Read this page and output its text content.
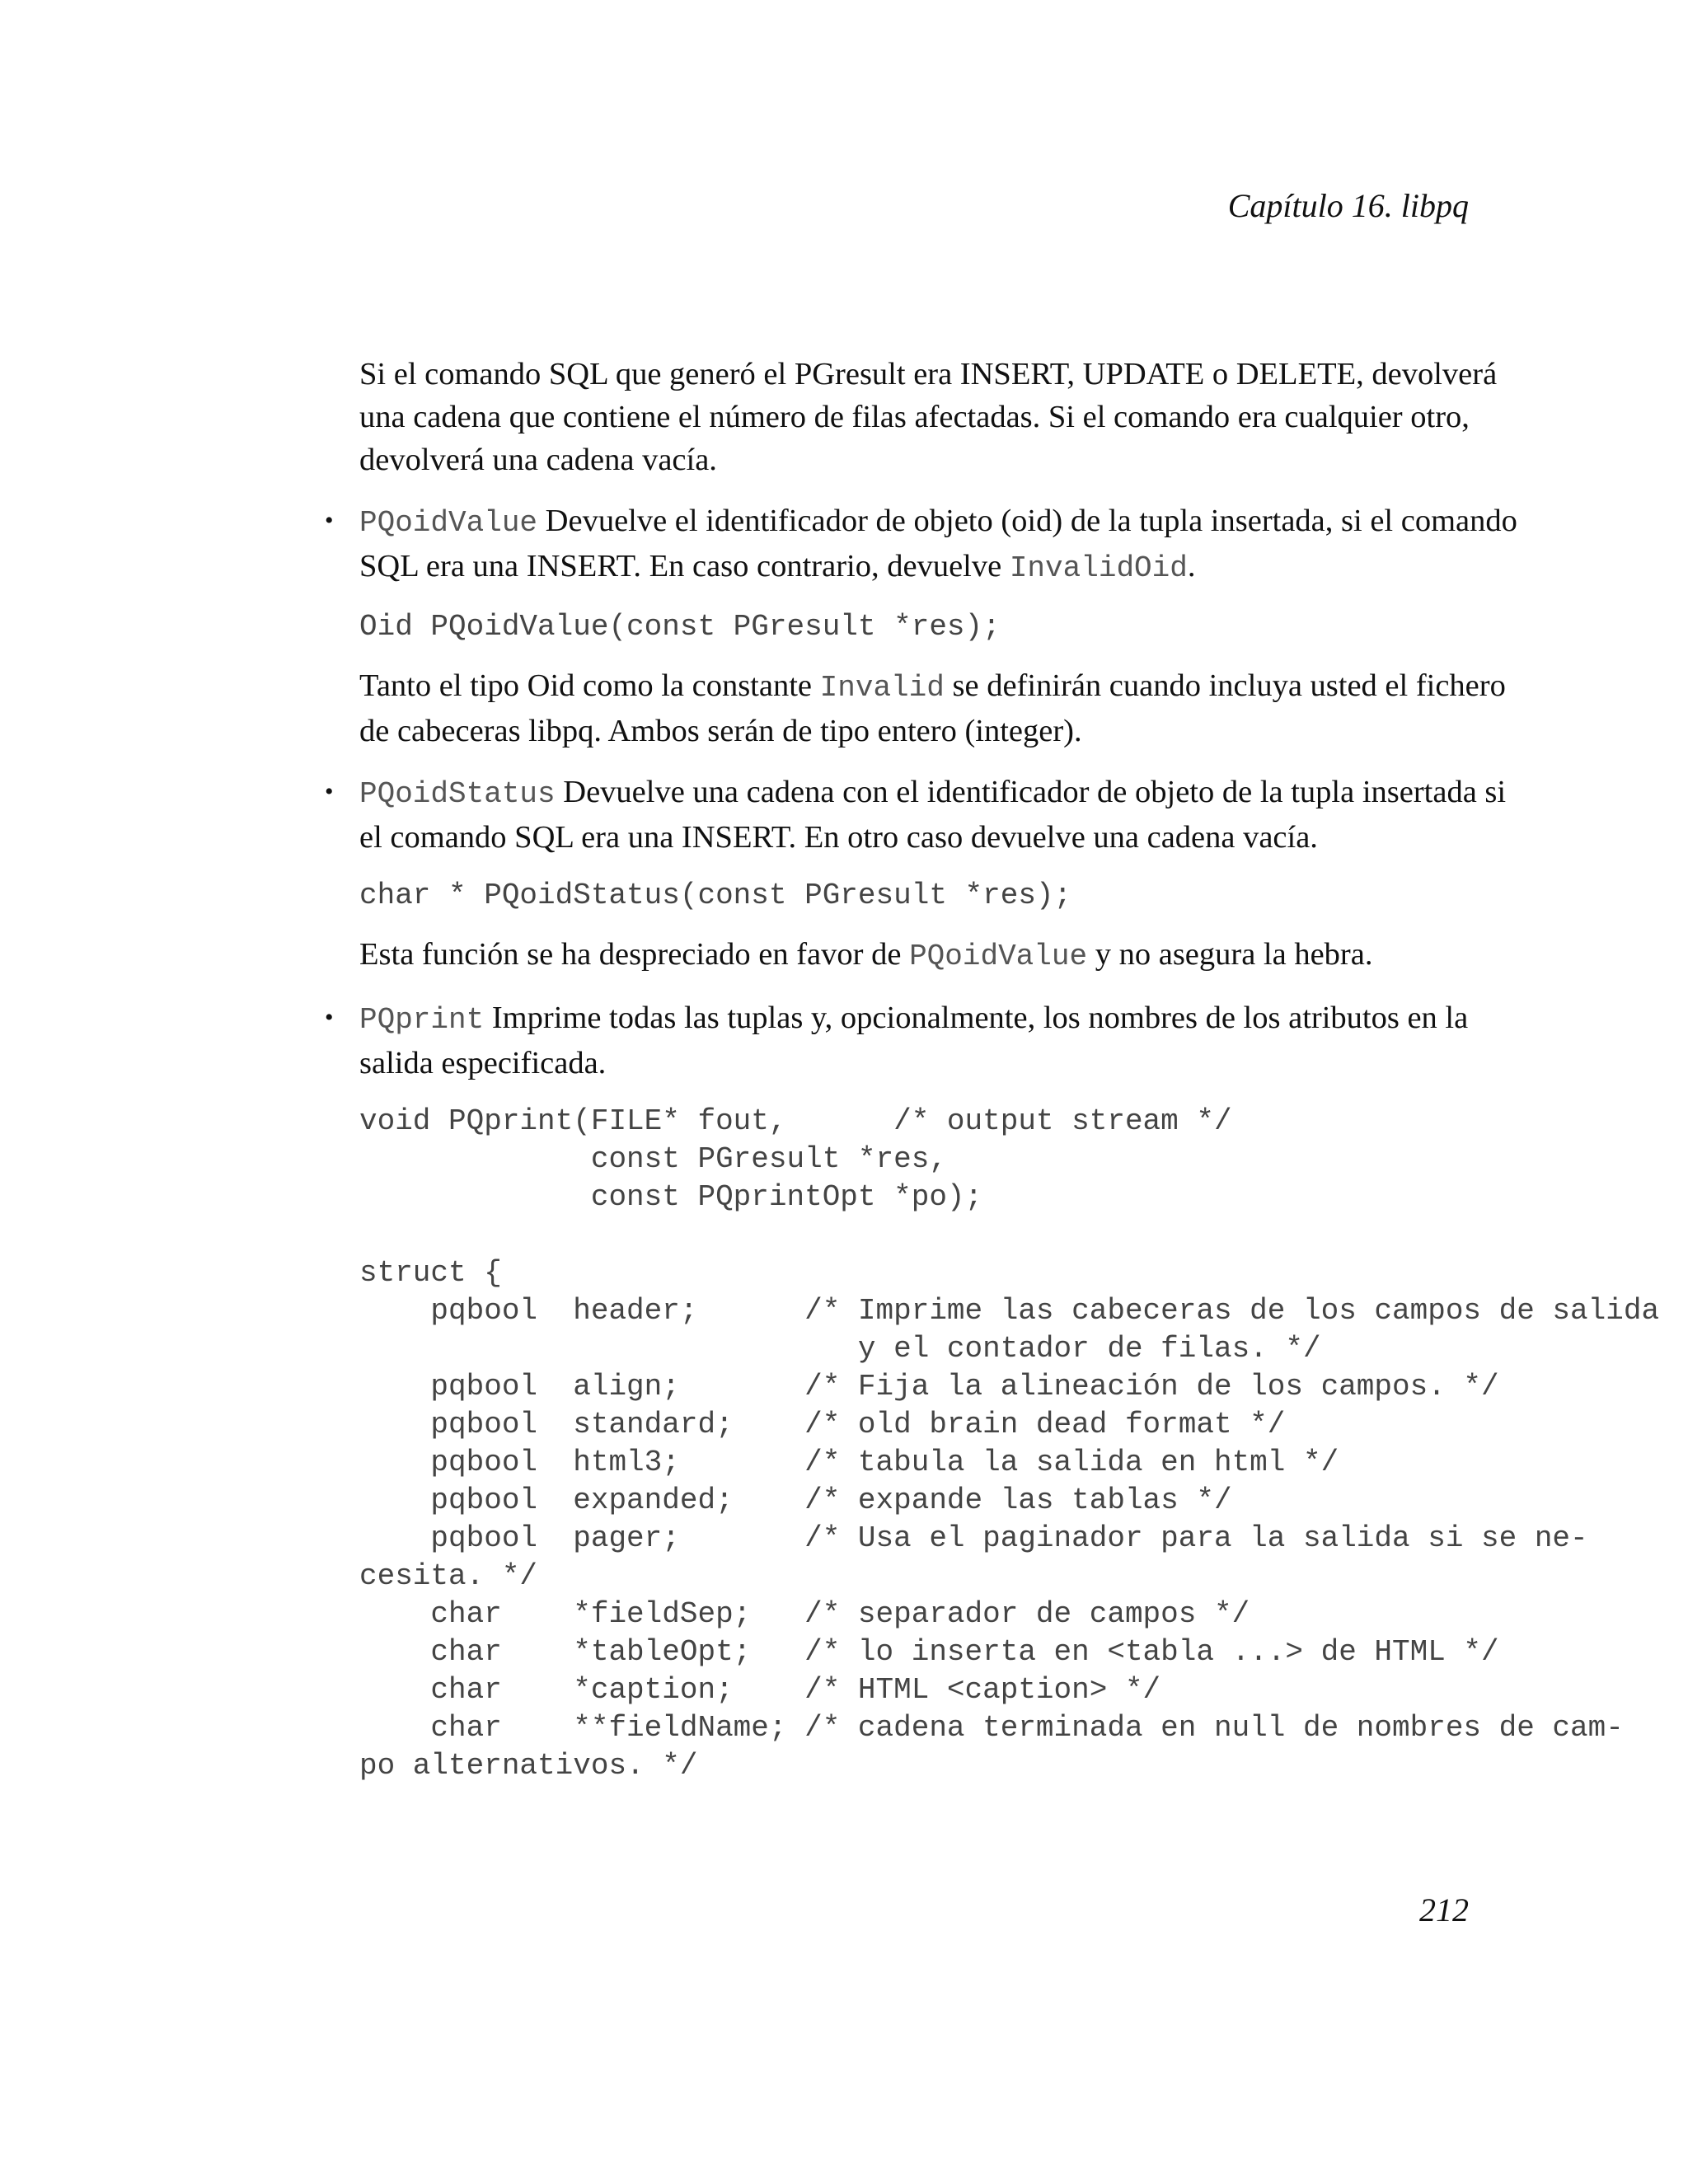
Capítulo 16. libpq

Si el comando SQL que generó el PGresult era INSERT, UPDATE o DELETE, devolverá una cadena que contiene el número de filas afectadas. Si el comando era cualquier otro, devolverá una cadena vacía.

• PQoidValue Devuelve el identificador de objeto (oid) de la tupla insertada, si el comando SQL era una INSERT. En caso contrario, devuelve InvalidOid.

Oid PQoidValue(const PGresult *res);

Tanto el tipo Oid como la constante Invalid se definirán cuando incluya usted el fichero de cabeceras libpq. Ambos serán de tipo entero (integer).

• PQoidStatus Devuelve una cadena con el identificador de objeto de la tupla insertada si el comando SQL era una INSERT. En otro caso devuelve una cadena vacía.

char * PQoidStatus(const PGresult *res);

Esta función se ha despreciado en favor de PQoidValue y no asegura la hebra.

• PQprint Imprime todas las tuplas y, opcionalmente, los nombres de los atributos en la salida especificada.

void PQprint(FILE* fout,      /* output stream */
const PGresult *res,
const PQprintOpt *po);

struct {
pqbool  header;      /* Imprime las cabeceras de los campos de salida
y el contador de filas. */
pqbool  align;       /* Fija la alineación de los campos. */
pqbool  standard;    /* old brain dead format */
pqbool  html3;       /* tabula la salida en html */
pqbool  expanded;    /* expande las tablas */
pqbool  pager;       /* Usa el paginador para la salida si se ne-
cesita. */
char    *fieldSep;   /* separador de campos */
char    *tableOpt;   /* lo inserta en <tabla ...> de HTML */
char    *caption;    /* HTML <caption> */
char    **fieldName; /* cadena terminada en null de nombres de cam-
po alternativos. */
212
